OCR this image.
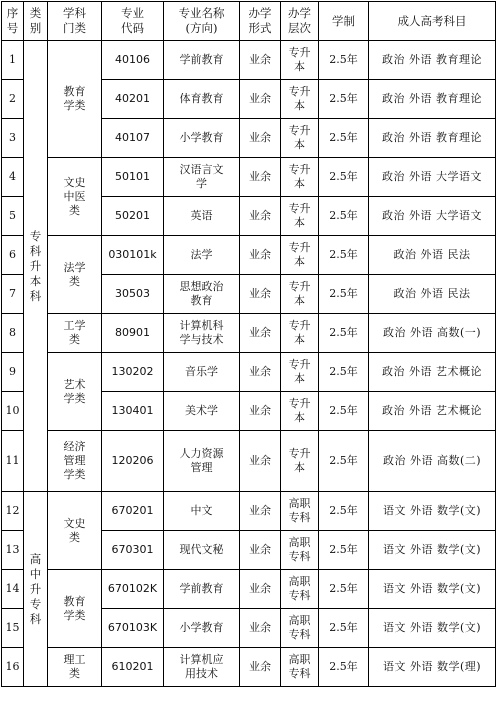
序号	类别	学科门类	专业代码	专业名称(方向)	办学形式	办学层次	学制	成人高考科目
1	专科升本科	教育学类	40106	学前教育	业余	专升本	2.5年	政治 外语 教育理论
2			40201	体育教育	业余	专升本	2.5年	政治 外语 教育理论
3			40107	小学教育	业余	专升本	2.5年	政治 外语 教育理论
4		文史中医类	50101	汉语言文学	业余	专升本	2.5年	政治 外语 大学语文
5			50201	英语	业余	专升本	2.5年	政治 外语 大学语文
6		法学类	030101k	法学	业余	专升本	2.5年	政治 外语 民法
7			30503	思想政治教育	业余	专升本	2.5年	政治 外语 民法
8		工学类	80901	计算机科学与技术	业余	专升本	2.5年	政治 外语 高数(一)
9		艺术学类	130202	音乐学	业余	专升本	2.5年	政治 外语 艺术概论
10			130401	美术学	业余	专升本	2.5年	政治 外语 艺术概论
11		经济管理学类	120206	人力资源管理	业余	专升本	2.5年	政治 外语 高数(二)
12	高中升专科	文史类	670201	中文	业余	高职专科	2.5年	语文 外语 数学(文)
13			670301	现代文秘	业余	高职专科	2.5年	语文 外语 数学(文)
14		教育学类	670102K	学前教育	业余	高职专科	2.5年	语文 外语 数学(文)
15			670103K	小学教育	业余	高职专科	2.5年	语文 外语 数学(文)
16		理工类	610201	计算机应用技术	业余	高职专科	2.5年	语文 外语 数学(理)
